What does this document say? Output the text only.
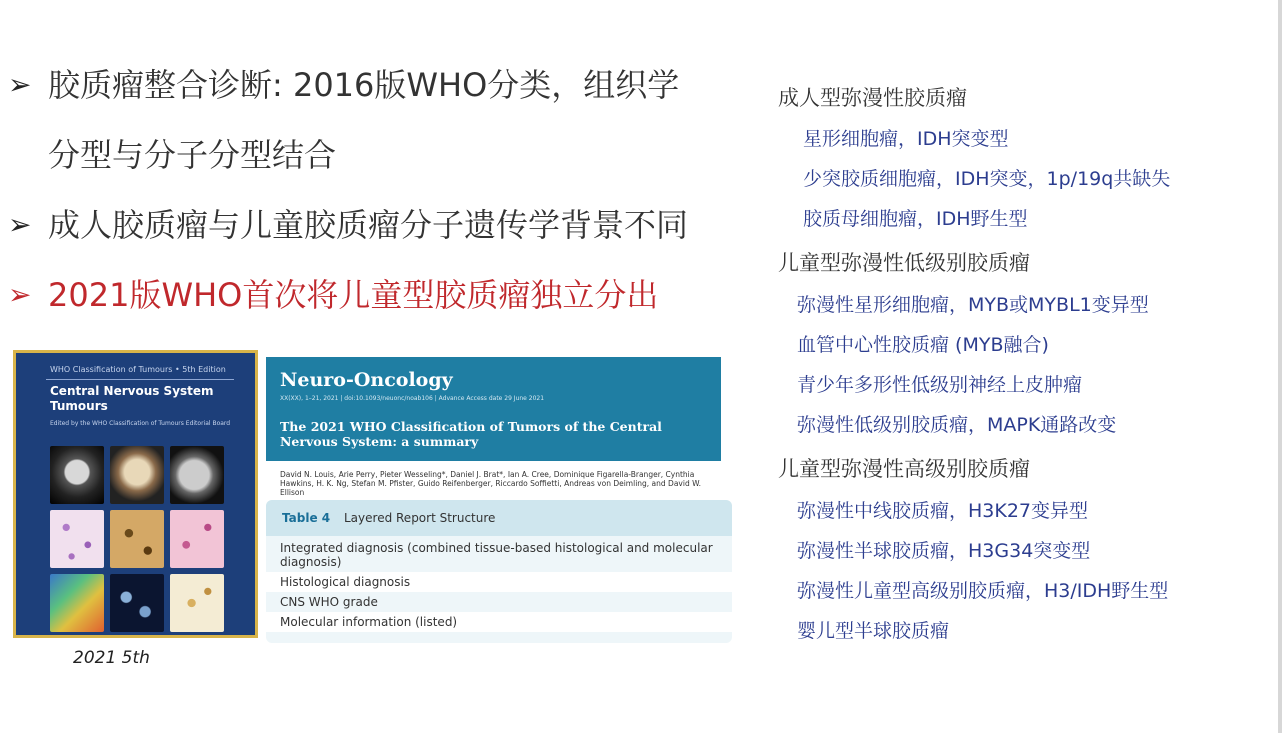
➢ 胶质瘤整合诊断: 2016版WHO分类，组织学
分型与分子分型结合
➢ 成人胶质瘤与儿童胶质瘤分子遗传学背景不同
➢ 2021版WHO首次将儿童型胶质瘤独立分出
WHO Classification of Tumours • 5th Edition
Central Nervous System Tumours
Edited by the WHO Classification of Tumours Editorial Board
2021 5th
Neuro-Oncology
XX(XX), 1–21, 2021 | doi:10.1093/neuonc/noab106 | Advance Access date 29 June 2021
The 2021 WHO Classification of Tumors of the Central Nervous System: a summary
David N. Louis, Arie Perry, Pieter Wesseling*, Daniel J. Brat*, Ian A. Cree, Dominique Figarella-Branger, Cynthia Hawkins, H. K. Ng, Stefan M. Pfister, Guido Reifenberger, Riccardo Soffietti, Andreas von Deimling, and David W. Ellison
Table 4 Layered Report Structure
Integrated diagnosis (combined tissue-based histological and molecular diagnosis)
Histological diagnosis
CNS WHO grade
Molecular information (listed)
成人型弥漫性胶质瘤
星形细胞瘤，IDH突变型
少突胶质细胞瘤，IDH突变，1p/19q共缺失
胶质母细胞瘤，IDH野生型
儿童型弥漫性低级别胶质瘤
弥漫性星形细胞瘤，MYB或MYBL1变异型
血管中心性胶质瘤 (MYB融合)
青少年多形性低级别神经上皮肿瘤
弥漫性低级别胶质瘤，MAPK通路改变
儿童型弥漫性高级别胶质瘤
弥漫性中线胶质瘤，H3K27变异型
弥漫性半球胶质瘤，H3G34突变型
弥漫性儿童型高级别胶质瘤，H3/IDH野生型
婴儿型半球胶质瘤
